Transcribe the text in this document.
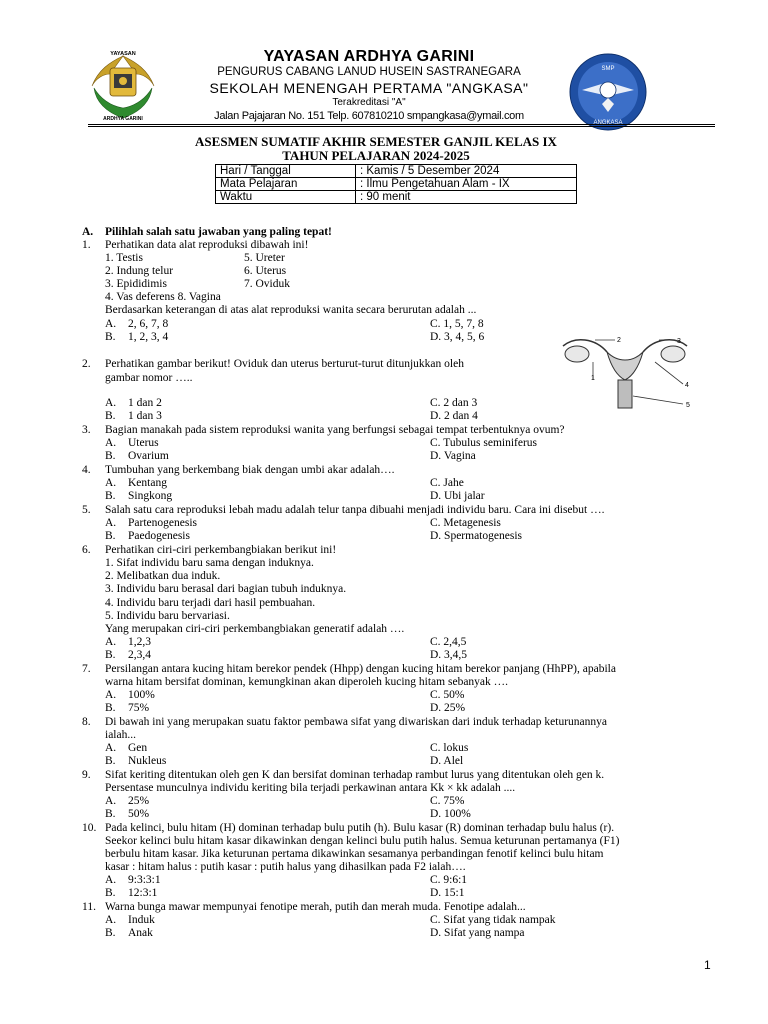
YAYASAN
ARDHYA GARINI
SMP
ANGKASA
YAYASAN ARDHYA GARINI
PENGURUS CABANG LANUD HUSEIN SASTRANEGARA
SEKOLAH MENENGAH PERTAMA "ANGKASA"
Terakreditasi "A"
Jalan Pajajaran No. 151 Telp. 607810210 smpangkasa@ymail.com
ASESMEN SUMATIF AKHIR SEMESTER GANJIL KELAS IX
TAHUN PELAJARAN 2024-2025
Hari / Tanggal	: Kamis / 5 Desember 2024
Mata Pelajaran	: Ilmu Pengetahuan Alam - IX
Waktu	: 90 menit
A. Pilihlah salah satu jawaban yang paling tepat!
1. Perhatikan data alat reproduksi dibawah ini!
1. Testis	5. Ureter
2. Indung telur	6. Uterus
3. Epididimis	7. Oviduk
4. Vas deferens 8. Vagina
Berdasarkan keterangan di atas alat reproduksi wanita secara berurutan adalah ...
A. 2, 6, 7, 8	C. 1, 5, 7, 8
B. 1, 2, 3, 4	D. 3, 4, 5, 6
1
2	3
4
5
2. Perhatikan gambar berikut! Oviduk dan uterus berturut-turut ditunjukkan oleh
gambar nomor …..
A. 1 dan 2	C. 2 dan 3
B. 1 dan 3	D. 2 dan 4
3. Bagian manakah pada sistem reproduksi wanita yang berfungsi sebagai tempat terbentuknya ovum?
A. Uterus	C. Tubulus seminiferus
B. Ovarium	D. Vagina
4. Tumbuhan yang berkembang biak dengan umbi akar adalah….
A. Kentang	C. Jahe
B. Singkong	D. Ubi jalar
5. Salah satu cara reproduksi lebah madu adalah telur tanpa dibuahi menjadi individu baru. Cara ini disebut ….
A. Partenogenesis	C. Metagenesis
B. Paedogenesis	D. Spermatogenesis
6. Perhatikan ciri-ciri perkembangbiakan berikut ini!
1. Sifat individu baru sama dengan induknya.
2. Melibatkan dua induk.
3. Individu baru berasal dari bagian tubuh induknya.
4. Individu baru terjadi dari hasil pembuahan.
5. Individu baru bervariasi.
Yang merupakan ciri-ciri perkembangbiakan generatif adalah ….
A. 1,2,3	C. 2,4,5
B. 2,3,4	D. 3,4,5
7. Persilangan antara kucing hitam berekor pendek (Hhpp) dengan kucing hitam berekor panjang (HhPP), apabila
warna hitam bersifat dominan, kemungkinan akan diperoleh kucing hitam sebanyak ….
A. 100%	C. 50%
B. 75%	D. 25%
8. Di bawah ini yang merupakan suatu faktor pembawa sifat yang diwariskan dari induk terhadap keturunannya
ialah...
A. Gen	C. lokus
B. Nukleus	D. Alel
9. Sifat keriting ditentukan oleh gen K dan bersifat dominan terhadap rambut lurus yang ditentukan oleh gen k.
Persentase munculnya individu keriting bila terjadi perkawinan antara Kk × kk adalah ....
A. 25%	C. 75%
B. 50%	D. 100%
10. Pada kelinci, bulu hitam (H) dominan terhadap bulu putih (h). Bulu kasar (R) dominan terhadap bulu halus (r).
Seekor kelinci bulu hitam kasar dikawinkan dengan kelinci bulu putih halus. Semua keturunan pertamanya (F1)
berbulu hitam kasar. Jika keturunan pertama dikawinkan sesamanya perbandingan fenotif kelinci bulu hitam
kasar : hitam halus : putih kasar : putih halus yang dihasilkan pada F2 ialah….
A. 9:3:3:1	C. 9:6:1
B. 12:3:1	D. 15:1
11. Warna bunga mawar mempunyai fenotipe merah, putih dan merah muda. Fenotipe adalah...
A. Induk	C. Sifat yang tidak nampak
B. Anak	D. Sifat yang nampa
1
